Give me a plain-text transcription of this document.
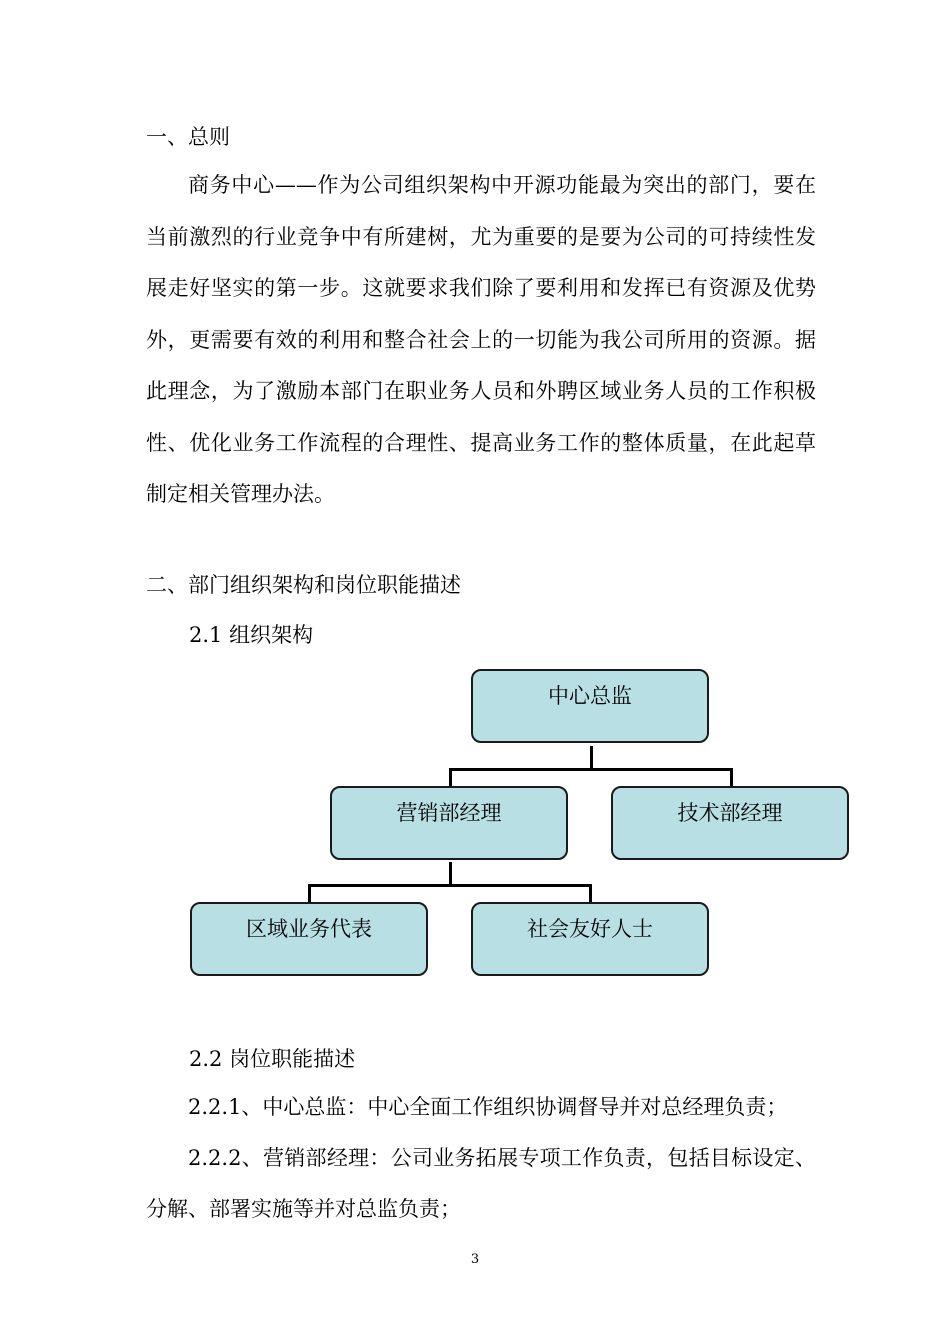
一、总则
商务中心——作为公司组织架构中开源功能最为突出的部门，要在当前激烈的行业竞争中有所建树，尤为重要的是要为公司的可持续性发展走好坚实的第一步。这就要求我们除了要利用和发挥已有资源及优势外，更需要有效的利用和整合社会上的一切能为我公司所用的资源。据此理念，为了激励本部门在职业务人员和外聘区域业务人员的工作积极性、优化业务工作流程的合理性、提高业务工作的整体质量，在此起草制定相关管理办法。
二、部门组织架构和岗位职能描述
2.1 组织架构
中心总监
营销部经理	技术部经理
区域业务代表	社会友好人士
2.2 岗位职能描述
2.2.1、中心总监：中心全面工作组织协调督导并对总经理负责；
2.2.2、营销部经理：公司业务拓展专项工作负责，包括目标设定、分解、部署实施等并对总监负责；
3
